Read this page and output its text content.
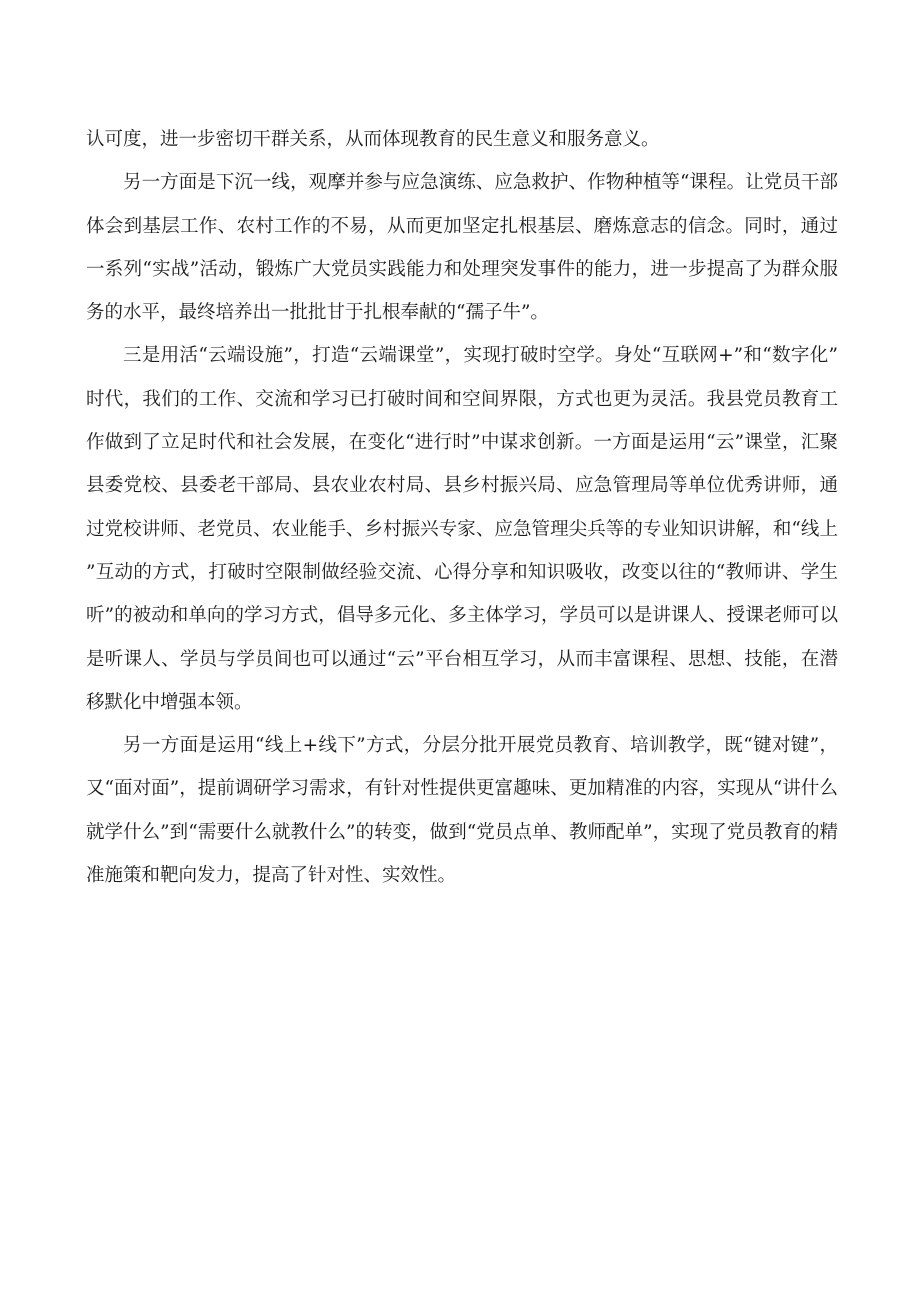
认可度，进一步密切干群关系，从而体现教育的民生意义和服务意义。

另一方面是下沉一线，观摩并参与应急演练、应急救护、作物种植等“课程。让党员干部体会到基层工作、农村工作的不易，从而更加坚定扎根基层、磨炼意志的信念。同时，通过一系列“实战”活动，锻炼广大党员实践能力和处理突发事件的能力，进一步提高了为群众服务的水平，最终培养出一批批甘于扎根奉献的“孺子牛”。

三是用活“云端设施”，打造“云端课堂”，实现打破时空学。身处“互联网+”和“数字化”时代，我们的工作、交流和学习已打破时间和空间界限，方式也更为灵活。我县党员教育工作做到了立足时代和社会发展，在变化“进行时”中谋求创新。一方面是运用“云”课堂，汇聚县委党校、县委老干部局、县农业农村局、县乡村振兴局、应急管理局等单位优秀讲师，通过党校讲师、老党员、农业能手、乡村振兴专家、应急管理尖兵等的专业知识讲解，和“线上”互动的方式，打破时空限制做经验交流、心得分享和知识吸收，改变以往的“教师讲、学生听”的被动和单向的学习方式，倡导多元化、多主体学习，学员可以是讲课人、授课老师可以是听课人、学员与学员间也可以通过“云”平台相互学习，从而丰富课程、思想、技能，在潜移默化中增强本领。

另一方面是运用“线上+线下”方式，分层分批开展党员教育、培训教学，既“键对键”，又“面对面”，提前调研学习需求，有针对性提供更富趣味、更加精准的内容，实现从“讲什么就学什么”到“需要什么就教什么”的转变，做到“党员点单、教师配单”，实现了党员教育的精准施策和靶向发力，提高了针对性、实效性。
